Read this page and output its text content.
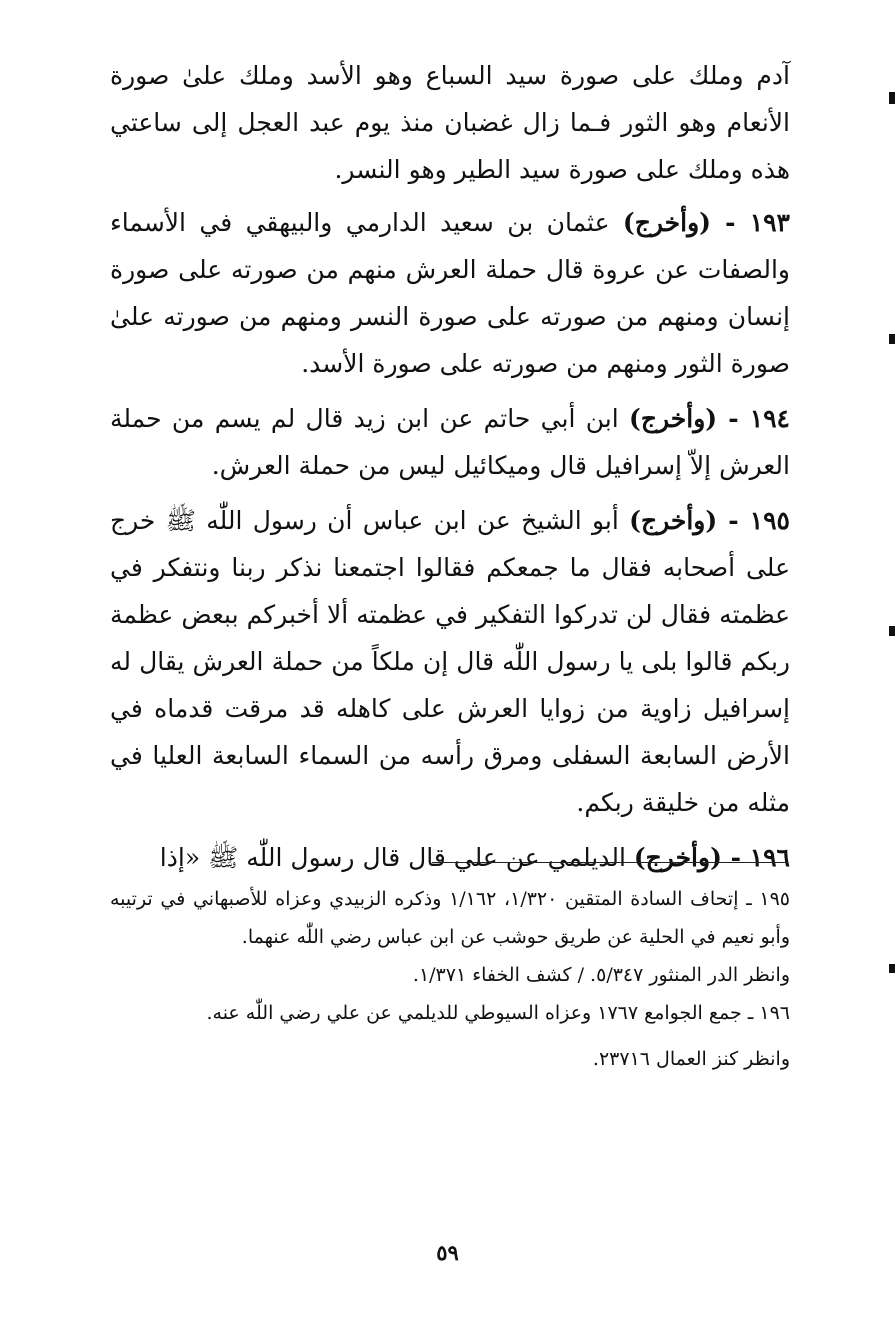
آدم وملك على صورة سيد السباع وهو الأسد وملك علىٰ صورة الأنعام وهو الثور فـما زال غضبان منذ يوم عبد العجل إلى ساعتي هذه وملك على صورة سيد الطير وهو النسر.

١٩٣ - (وأخرج) عثمان بن سعيد الدارمي والبيهقي في الأسماء والصفات عن عروة قال حملة العرش منهم من صورته على صورة إنسان ومنهم من صورته على صورة النسر ومنهم من صورته علىٰ صورة الثور ومنهم من صورته على صورة الأسد.

١٩٤ - (وأخرج) ابن أبي حاتم عن ابن زيد قال لم يسم من حملة العرش إلاّ إسرافيل قال وميكائيل ليس من حملة العرش.

١٩٥ - (وأخرج) أبو الشيخ عن ابن عباس أن رسول اللّٰه ﷺ خرج على أصحابه فقال ما جمعكم فقالوا اجتمعنا نذكر ربنا ونتفكر في عظمته فقال لن تدركوا التفكير في عظمته ألا أخبركم ببعض عظمة ربكم قالوا بلى يا رسول اللّٰه قال إن ملكاً من حملة العرش يقال له إسرافيل زاوية من زوايا العرش على كاهله قد مرقت قدماه في الأرض السابعة السفلى ومرق رأسه من السماء السابعة العليا في مثله من خليقة ربكم.

١٩٦ - (وأخرج) الديلمي عن علي قال قال رسول اللّٰه ﷺ «إذا

١٩٥ ـ إتحاف السادة المتقين ١/٣٢٠، ١/١٦٢ وذكره الزبيدي وعزاه للأصبهاني في ترتيبه وأبو نعيم في الحلية عن طريق حوشب عن ابن عباس رضي اللّٰه عنهما.

وانظر الدر المنثور ٥/٣٤٧. / كشف الخفاء ١/٣٧١.

١٩٦ ـ جمع الجوامع ١٧٦٧ وعزاه السيوطي للديلمي عن علي رضي اللّٰه عنه.

وانظر كنز العمال ٢٣٧١٦.

٥٩
